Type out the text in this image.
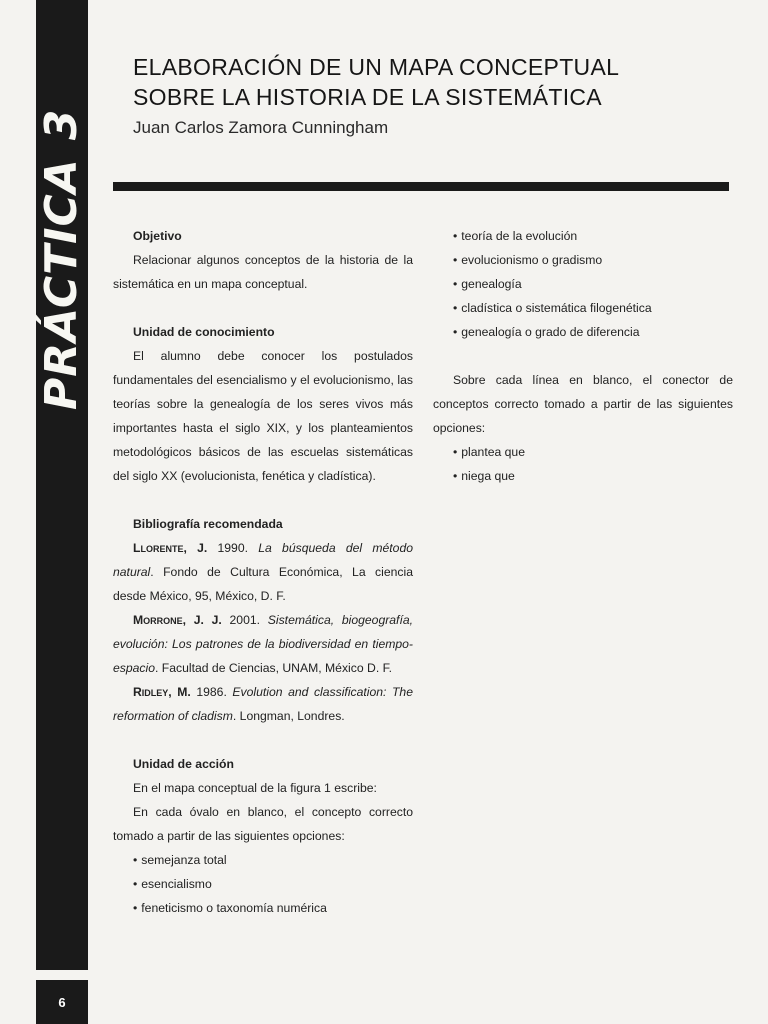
PRÁCTICA3
6
ELABORACIÓN DE UN MAPA CONCEPTUAL
SOBRE LA HISTORIA DE LA SISTEMÁTICA
Juan Carlos Zamora Cunningham
Objetivo

Relacionar algunos conceptos de la historia de la sistemática en un mapa conceptual.

Unidad de conocimiento

El alumno debe conocer los postulados fundamentales del esencialismo y el evolucionismo, las teorías sobre la genealogía de los seres vivos más importantes hasta el siglo XIX, y los planteamientos metodológicos básicos de las escuelas sistemáticas del siglo XX (evolucionista, fenética y cladística).

Bibliografía recomendada

Llorente, J. 1990. La búsqueda del método natural. Fondo de Cultura Económica, La ciencia desde México, 95, México, D. F.

Morrone, J. J. 2001. Sistemática, biogeografía, evolución: Los patrones de la biodiversidad en tiempo-espacio. Facultad de Ciencias, UNAM, México D. F.

Ridley, M. 1986. Evolution and classification: The reformation of cladism. Longman, Londres.

Unidad de acción

En el mapa conceptual de la figura 1 escribe:

En cada óvalo en blanco, el concepto correcto tomado a partir de las siguientes opciones:

• semejanza total
• esencialismo
• feneticismo o taxonomía numérica
• teoría de la evolución
• evolucionismo o gradismo
• genealogía
• cladística o sistemática filogenética
• genealogía o grado de diferencia

Sobre cada línea en blanco, el conector de conceptos correcto tomado a partir de las siguientes opciones:

• plantea que
• niega que
